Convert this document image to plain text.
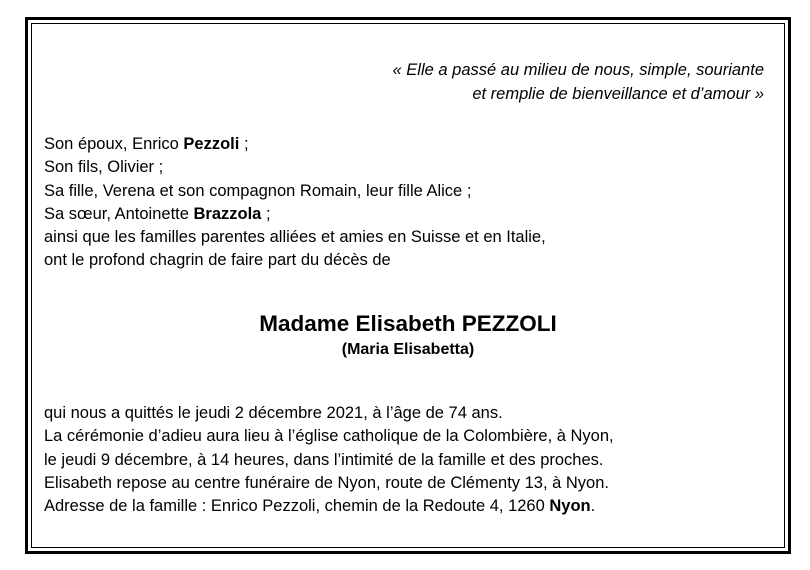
« Elle a passé au milieu de nous, simple, souriante
et remplie de bienveillance et d’amour »
Son époux, Enrico Pezzoli ;
Son fils, Olivier ;
Sa fille, Verena et son compagnon Romain, leur fille Alice ;
Sa sœur, Antoinette Brazzola ;
ainsi que les familles parentes alliées et amies en Suisse et en Italie,
ont le profond chagrin de faire part du décès de
Madame Elisabeth PEZZOLI
(Maria Elisabetta)
qui nous a quittés le jeudi 2 décembre 2021, à l’âge de 74 ans.
La cérémonie d’adieu aura lieu à l’église catholique de la Colombière, à Nyon,
le jeudi 9 décembre, à 14 heures, dans l’intimité de la famille et des proches.
Elisabeth repose au centre funéraire de Nyon, route de Clémenty 13, à Nyon.
Adresse de la famille : Enrico Pezzoli, chemin de la Redoute 4, 1260 Nyon.
